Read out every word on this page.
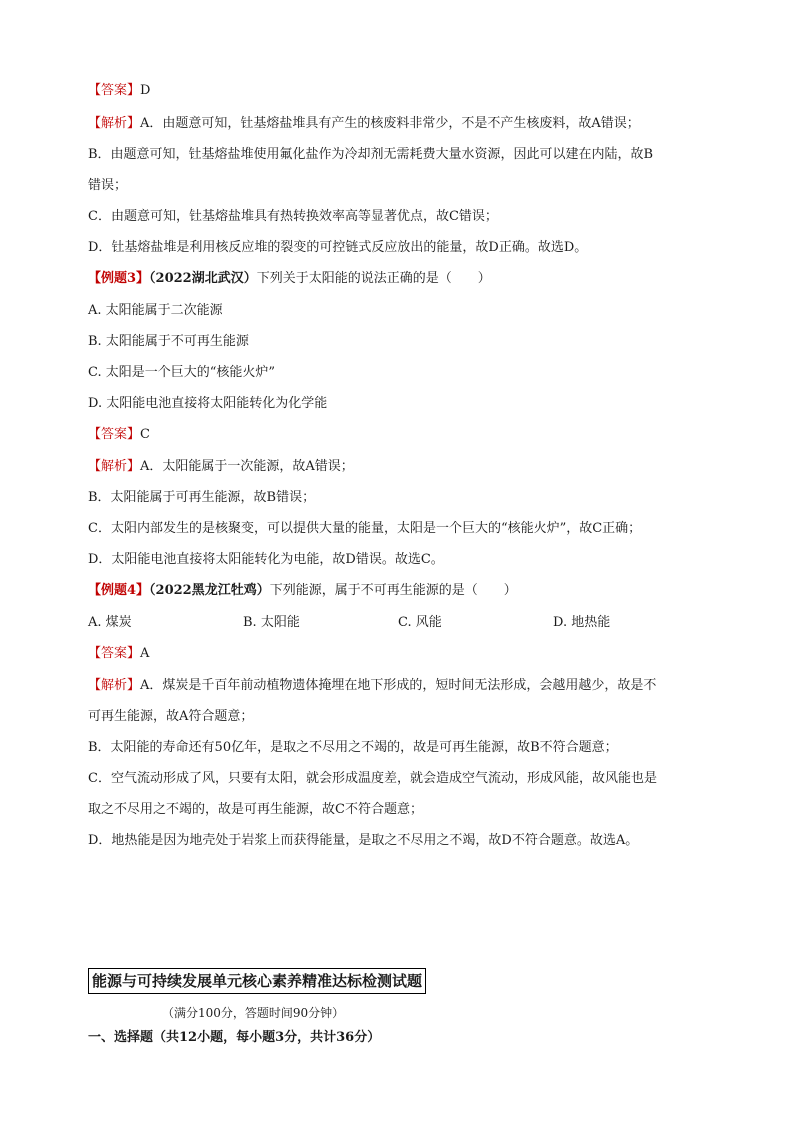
【答案】D
【解析】A．由题意可知，钍基熔盐堆具有产生的核废料非常少，不是不产生核废料，故A错误；
B．由题意可知，钍基熔盐堆使用氟化盐作为冷却剂无需耗费大量水资源，因此可以建在内陆，故B
错误；
C．由题意可知，钍基熔盐堆具有热转换效率高等显著优点，故C错误；
D．钍基熔盐堆是利用核反应堆的裂变的可控链式反应放出的能量，故D正确。故选D。
【例题3】（2022湖北武汉）下列关于太阳能的说法正确的是（　　）
A. 太阳能属于二次能源
B. 太阳能属于不可再生能源
C. 太阳是一个巨大的“核能火炉”
D. 太阳能电池直接将太阳能转化为化学能
【答案】C
【解析】A．太阳能属于一次能源，故A错误；
B．太阳能属于可再生能源，故B错误；
C．太阳内部发生的是核聚变，可以提供大量的能量，太阳是一个巨大的“核能火炉”，故C正确；
D．太阳能电池直接将太阳能转化为电能，故D错误。故选C。
【例题4】（2022黑龙江牡鸡）下列能源，属于不可再生能源的是（　　）
A. 煤炭	B. 太阳能	C. 风能	D. 地热能
【答案】A
【解析】A．煤炭是千百年前动植物遗体掩埋在地下形成的，短时间无法形成，会越用越少，故是不
可再生能源，故A符合题意；
B．太阳能的寿命还有50亿年，是取之不尽用之不竭的，故是可再生能源，故B不符合题意；
C．空气流动形成了风，只要有太阳，就会形成温度差，就会造成空气流动，形成风能，故风能也是
取之不尽用之不竭的，故是可再生能源，故C不符合题意；
D．地热能是因为地壳处于岩浆上而获得能量，是取之不尽用之不竭，故D不符合题意。故选A。
能源与可持续发展单元核心素养精准达标检测试题
（满分100分，答题时间90分钟）
一、选择题（共12小题，每小题3分，共计36分）
